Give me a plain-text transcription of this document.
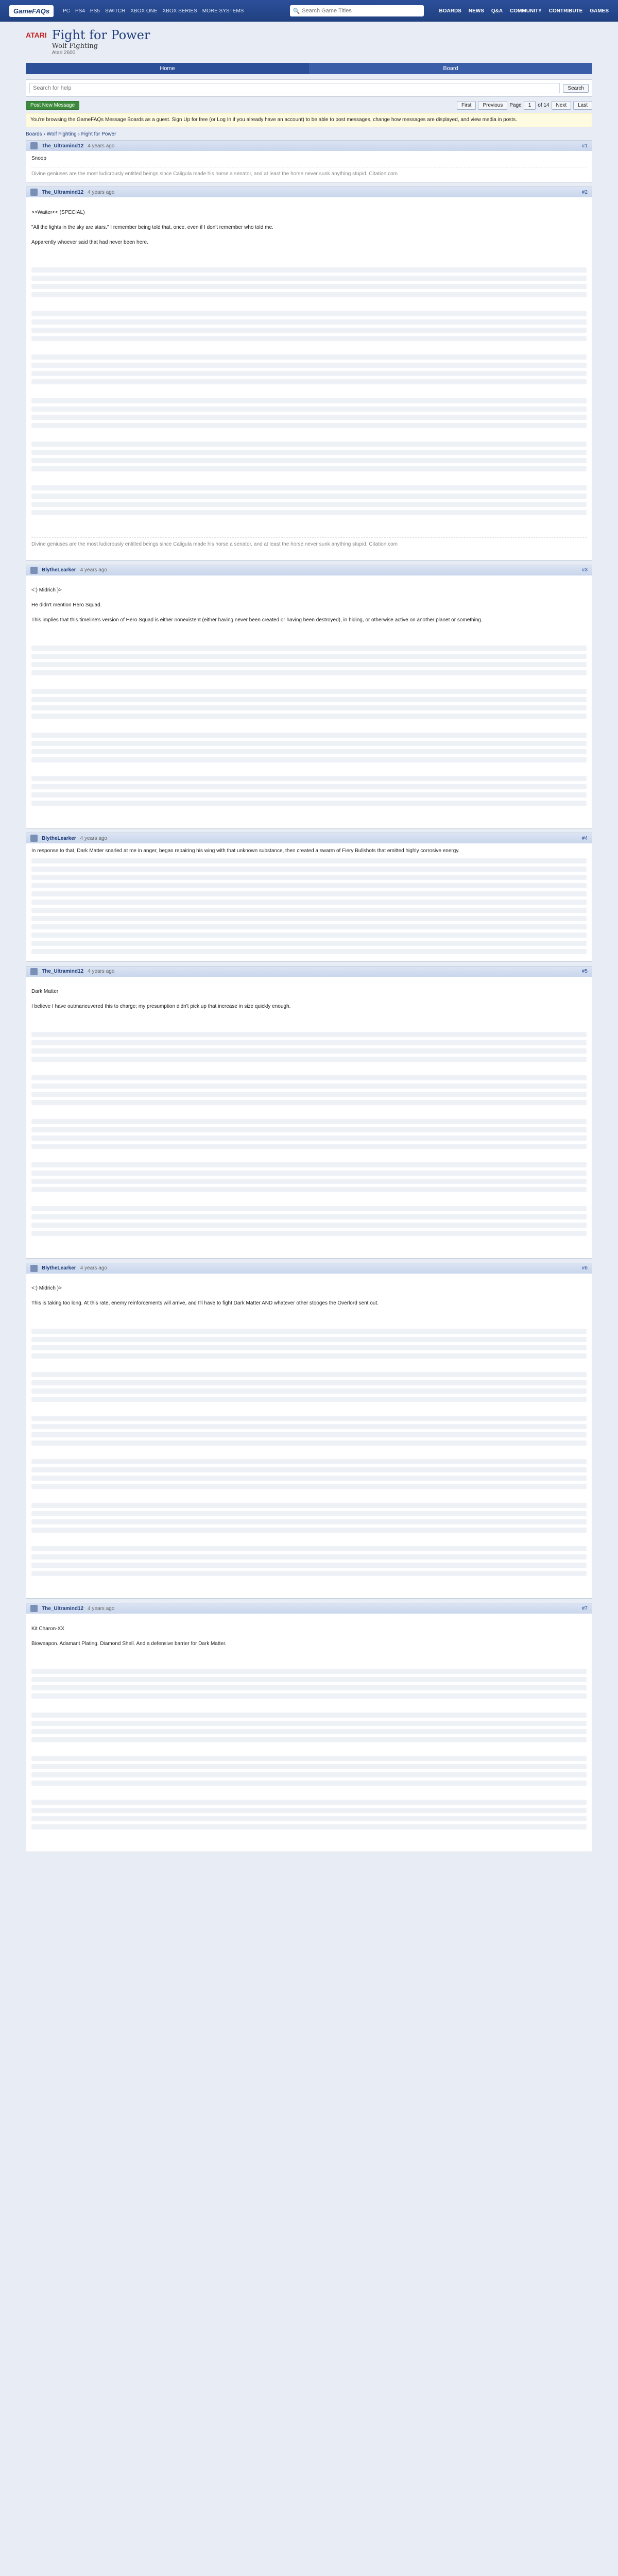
GameFAQs	PC PS4 PS5 SWITCH XBOX ONE XBOX SERIES MORE SYSTEMS	🔍
Search Game Titles	BOARDS NEWS Q&A COMMUNITY CONTRIBUTE GAMES
ATARI Fight for Power
Wolf Fighting
Atari 2600
Home	Board
Search for help
Search
Post New Message	First	Previous	Page	1	of 14	Next	Last
You're browsing the GameFAQs Message Boards as a guest. Sign Up for free (or Log In if you already have an account) to be able to post messages, change how messages are displayed, and view media in posts.
Boards › Wolf Fighting › Fight for Power
The_Ultramind12 4 years ago	#1

Snoop

Divine geniuses are the most ludicrously entitled beings since Caligula made his horse a senator, and at least the horse never sunk anything stupid. Citation.com
The_Ultramind12 4 years ago	#2

>>Waiter<< (SPECIAL)

"All the lights in the sky are stars." I remember being told that, once, even if I don't remember who told me.

Apparently whoever said that had never been here.

Divine geniuses are the most ludicrously entitled beings since Caligula made his horse a senator, and at least the horse never sunk anything stupid. Citation.com

BlytheLearker 4 years ago	#3

<:) Midrich )>

He didn't mention Hero Squad.

This implies that this timeline's version of Hero Squad is either nonexistent (either having never been created or having been destroyed), in hiding, or otherwise active on another planet or something.

BlytheLearker 4 years ago	#4

In response to that, Dark Matter snarled at me in anger, began repairing his wing with that unknown substance, then created a swarm of Fiery Bullshots that emitted highly corrosive energy.

The_Ultramind12 4 years ago	#5

Dark Matter

I believe I have outmaneuvered this to charge; my presumption didn't pick up that increase in size quickly enough.

BlytheLearker 4 years ago	#6

<:) Midrich )>

This is taking too long. At this rate, enemy reinforcements will arrive, and I'll have to fight Dark Matter AND whatever other stooges the Overlord sent out.

The_Ultramind12 4 years ago	#7

Kit Charon-XX

Bioweapon. Adamant Plating. Diamond Shell. And a defensive barrier for Dark Matter.
